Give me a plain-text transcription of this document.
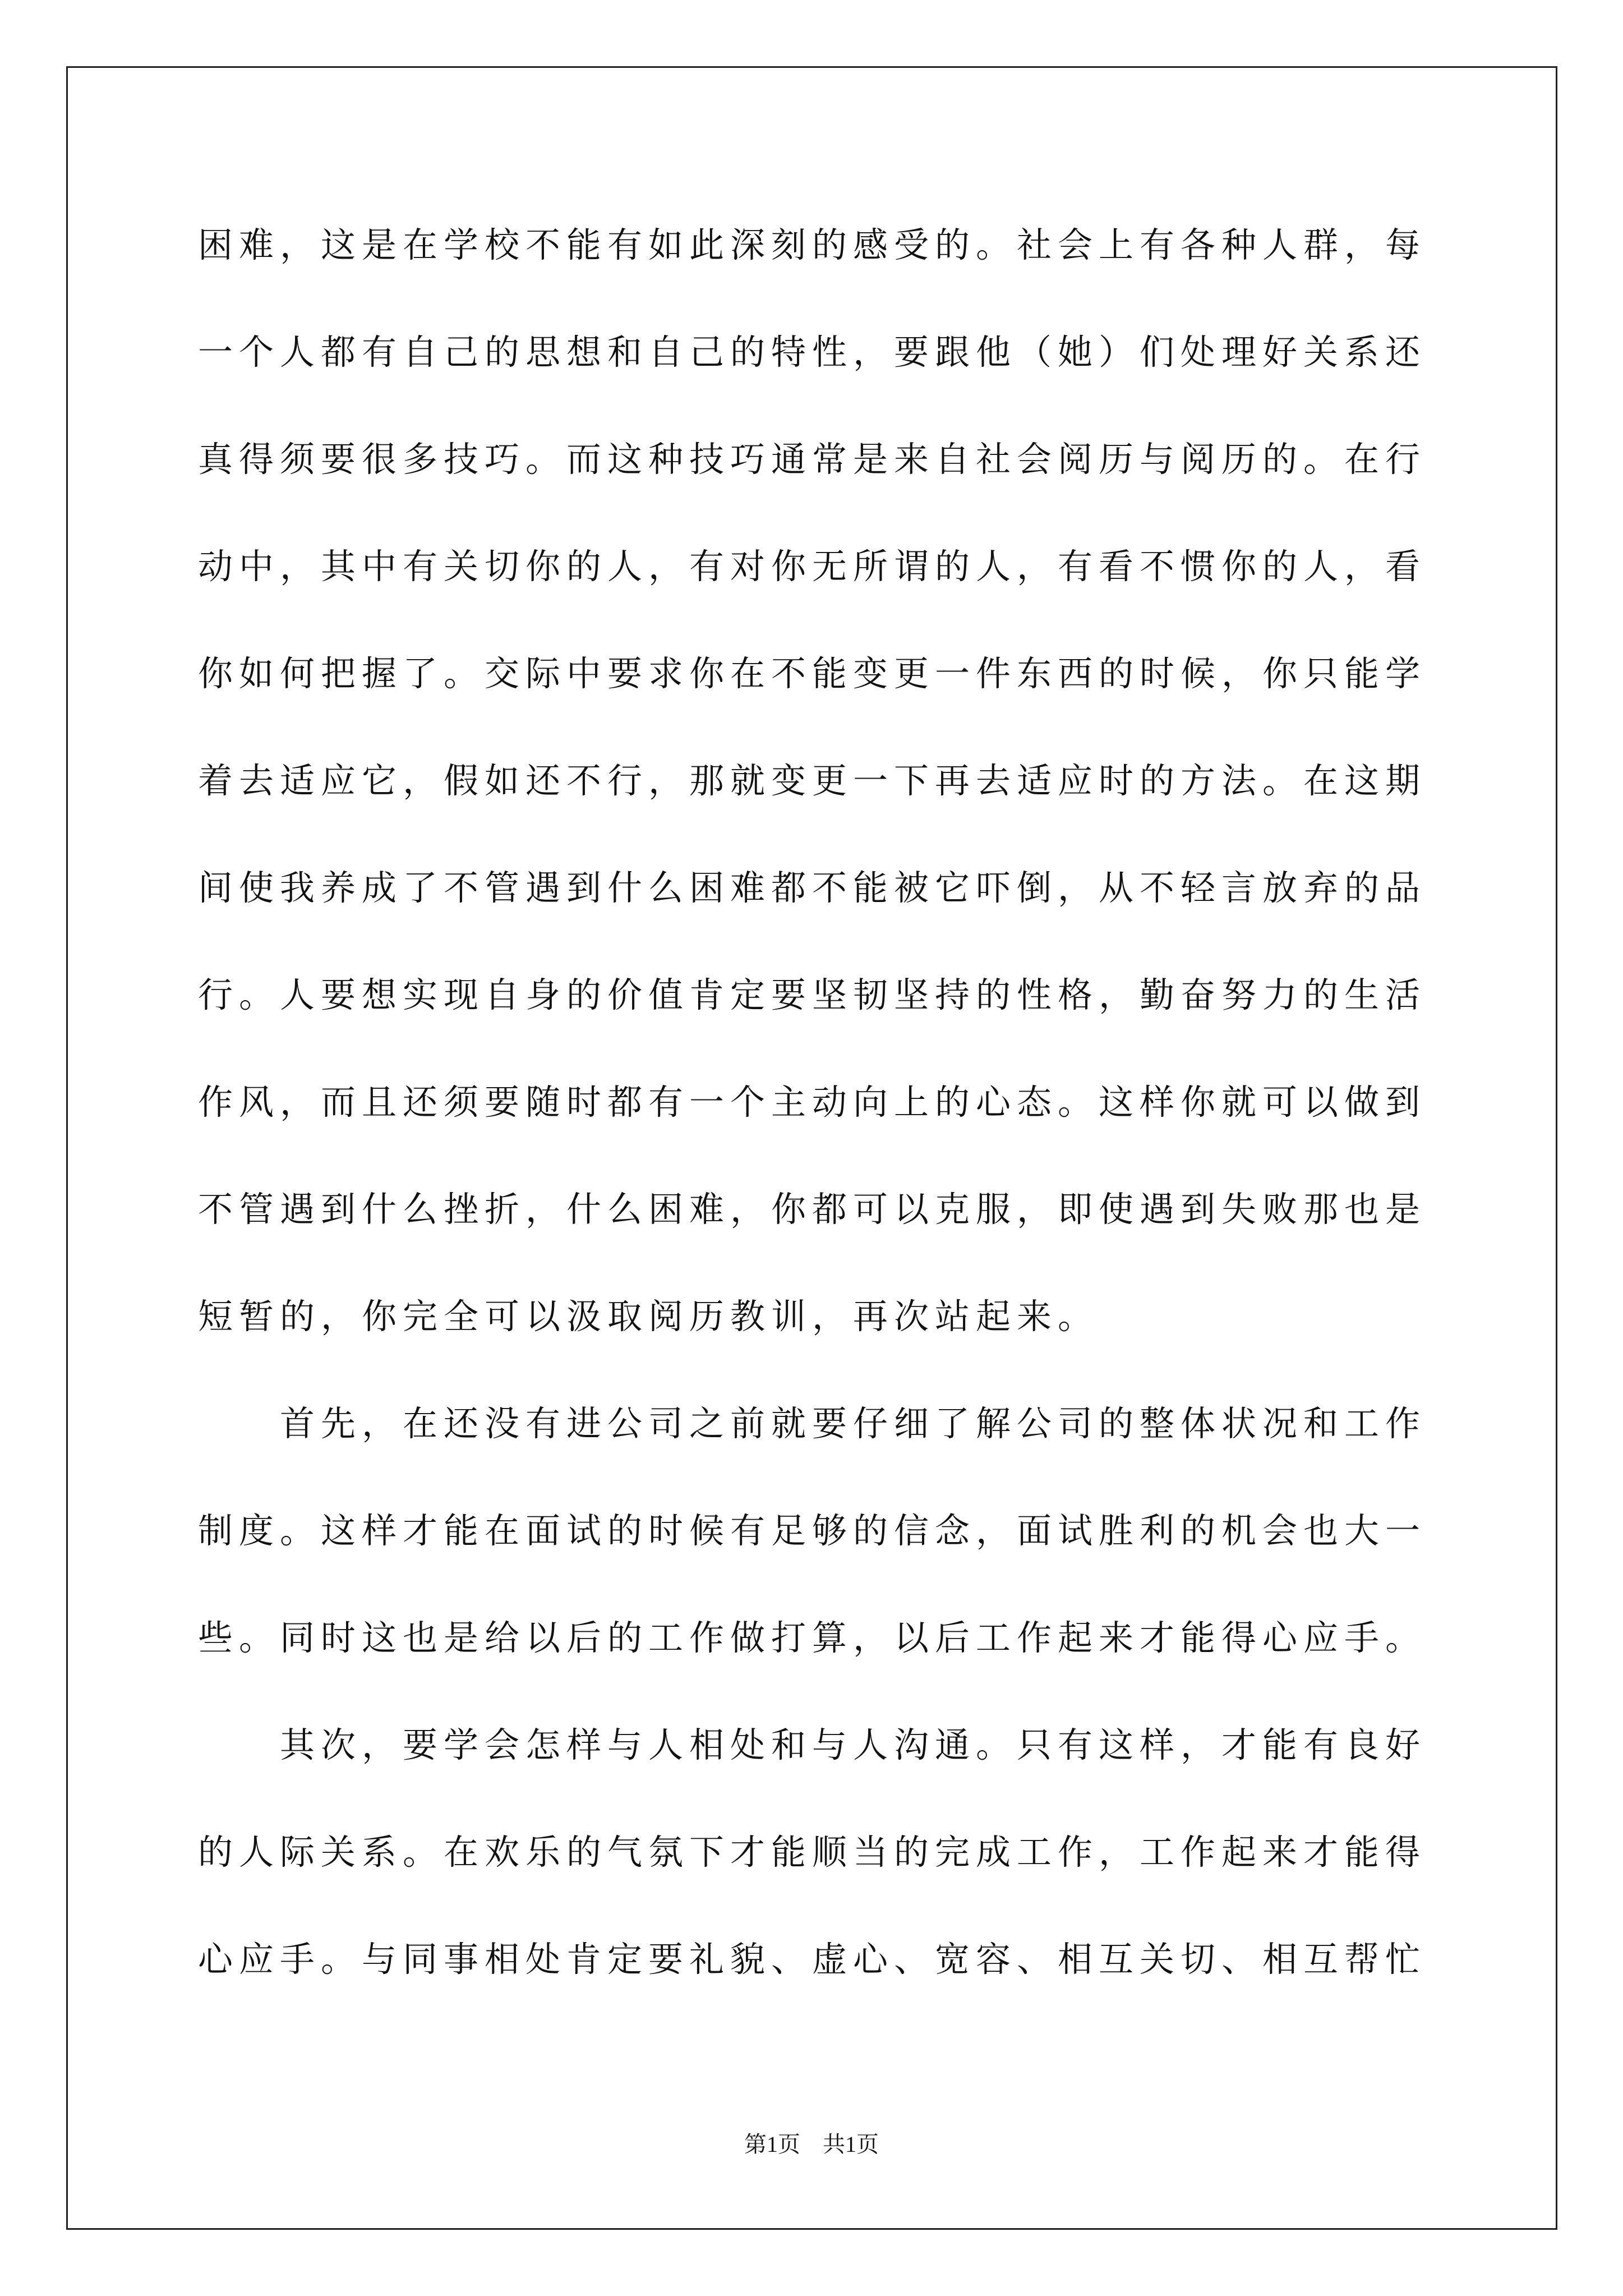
困难，这是在学校不能有如此深刻的感受的。社会上有各种人群，每
一个人都有自己的思想和自己的特性，要跟他（她）们处理好关系还
真得须要很多技巧。而这种技巧通常是来自社会阅历与阅历的。在行
动中，其中有关切你的人，有对你无所谓的人，有看不惯你的人，看
你如何把握了。交际中要求你在不能变更一件东西的时候，你只能学
着去适应它，假如还不行，那就变更一下再去适应时的方法。在这期
间使我养成了不管遇到什么困难都不能被它吓倒，从不轻言放弃的品
行。人要想实现自身的价值肯定要坚韧坚持的性格，勤奋努力的生活
作风，而且还须要随时都有一个主动向上的心态。这样你就可以做到
不管遇到什么挫折，什么困难，你都可以克服，即使遇到失败那也是
短暂的，你完全可以汲取阅历教训，再次站起来。
首先，在还没有进公司之前就要仔细了解公司的整体状况和工作
制度。这样才能在面试的时候有足够的信念，面试胜利的机会也大一
些。同时这也是给以后的工作做打算，以后工作起来才能得心应手。
其次，要学会怎样与人相处和与人沟通。只有这样，才能有良好
的人际关系。在欢乐的气氛下才能顺当的完成工作，工作起来才能得
心应手。与同事相处肯定要礼貌、虚心、宽容、相互关切、相互帮忙
第1页　共1页
